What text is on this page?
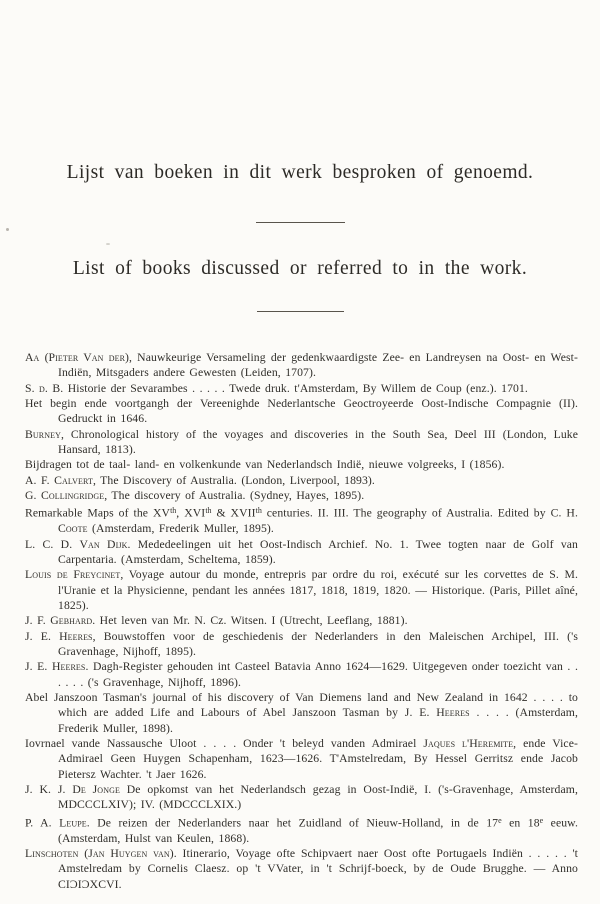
Lijst van boeken in dit werk besproken of genoemd.
List of books discussed or referred to in the work.
Aa (Pieter Van der), Nauwkeurige Versameling der gedenkwaardigste Zee- en Landreysen na Oost- en West-Indiën, Mitsgaders andere Gewesten (Leiden, 1707).
S. d. B. Historie der Sevarambes . . . . . Twede druk. t'Amsterdam, By Willem de Coup (enz.). 1701.
Het begin ende voortgangh der Vereenighde Nederlantsche Geoctroyeerde Oost-Indische Compagnie (II). Gedruckt in 1646.
Burney, Chronological history of the voyages and discoveries in the South Sea, Deel III (London, Luke Hansard, 1813).
Bijdragen tot de taal- land- en volkenkunde van Nederlandsch Indië, nieuwe volgreeks, I (1856).
A. F. Calvert, The Discovery of Australia. (London, Liverpool, 1893).
G. Collingridge, The discovery of Australia. (Sydney, Hayes, 1895).
Remarkable Maps of the XVth, XVIth & XVIIth centuries. II. III. The geography of Australia. Edited by C. H. Coote (Amsterdam, Frederik Muller, 1895).
L. C. D. Van Dijk. Mededeelingen uit het Oost-Indisch Archief. No. 1. Twee togten naar de Golf van Carpentaria. (Amsterdam, Scheltema, 1859).
Louis de Freycinet, Voyage autour du monde, entrepris par ordre du roi, exécuté sur les corvettes de S. M. l'Uranie et la Physicienne, pendant les années 1817, 1818, 1819, 1820. — Historique. (Paris, Pillet aîné, 1825).
J. F. Gebhard. Het leven van Mr. N. Cz. Witsen. I (Utrecht, Leeflang, 1881).
J. E. Heeres, Bouwstoffen voor de geschiedenis der Nederlanders in den Maleischen Archipel, III. ('s Gravenhage, Nijhoff, 1895).
J. E. Heeres. Dagh-Register gehouden int Casteel Batavia Anno 1624—1629. Uitgegeven onder toezicht van . . . . . . ('s Gravenhage, Nijhoff, 1896).
Abel Janszoon Tasman's journal of his discovery of Van Diemens land and New Zealand in 1642 . . . . to which are added Life and Labours of Abel Janszoon Tasman by J. E. Heeres . . . . (Amsterdam, Frederik Muller, 1898).
Iovrnael vande Nassausche Uloot . . . . Onder 't beleyd vanden Admirael Jaques l'Heremite, ende Vice-Admirael Geen Huygen Schapenham, 1623—1626. T'Amstelredam, By Hessel Gerritsz ende Jacob Pietersz Wachter. 't Jaer 1626.
J. K. J. De Jonge De opkomst van het Nederlandsch gezag in Oost-Indië, I. ('s-Gravenhage, Amsterdam, MDCCCLXIV); IV. (MDCCCLXIX.)
P. A. Leupe. De reizen der Nederlanders naar het Zuidland of Nieuw-Holland, in de 17e en 18e eeuw. (Amsterdam, Hulst van Keulen, 1868).
Linschoten (Jan Huygen van). Itinerario, Voyage ofte Schipvaert naer Oost ofte Portugaels Indiën . . . . . 't Amstelredam by Cornelis Claesz. op 't VVater, in 't Schrijf-boeck, by de Oude Brugghe. — Anno CIƆIƆXCVI.
